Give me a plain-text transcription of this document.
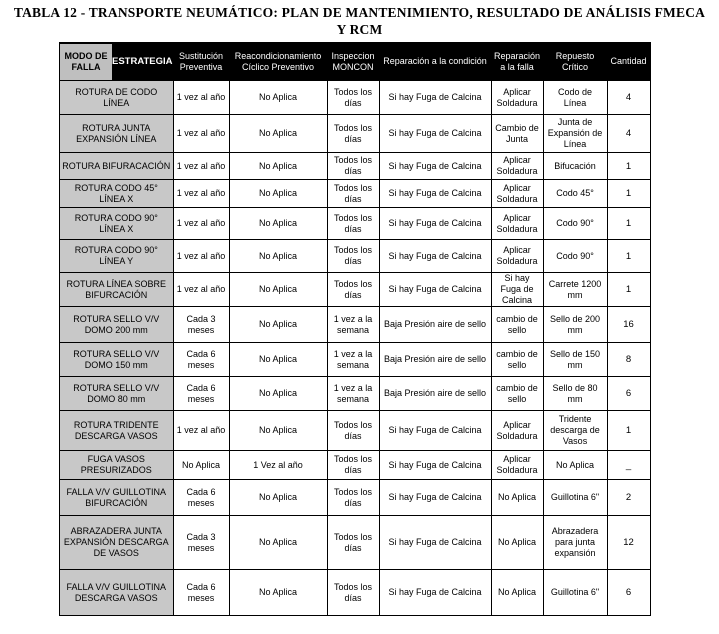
TABLA 12 - TRANSPORTE NEUMÁTICO: PLAN DE MANTENIMIENTO, RESULTADO DE ANÁLISIS FMECA Y RCM
MODO DE FALLA ESTRATEGIA	Sustitución Preventiva	Reacondicionamiento Cíclico Preventivo	Inspeccion MONCON	Reparación a la condición	Reparación a la falla	Repuesto Crítico	Cantidad
ROTURA DE CODO LÍNEA	1 vez al año	No Aplica	Todos los días	Si hay Fuga de Calcina	Aplicar Soldadura	Codo de Línea	4
ROTURA JUNTA EXPANSIÓN LÍNEA	1 vez al año	No Aplica	Todos los días	Si hay Fuga de Calcina	Cambio de Junta	Junta de Expansión de Línea	4
ROTURA BIFURACACIÓN	1 vez al año	No Aplica	Todos los días	Si hay Fuga de Calcina	Aplicar Soldadura	Bifucación	1
ROTURA CODO 45° LÍNEA X	1 vez al año	No Aplica	Todos los días	Si hay Fuga de Calcina	Aplicar Soldadura	Codo 45°	1
ROTURA CODO 90° LÍNEA X	1 vez al año	No Aplica	Todos los días	Si hay Fuga de Calcina	Aplicar Soldadura	Codo 90°	1
ROTURA CODO 90° LÍNEA Y	1 vez al año	No Aplica	Todos los días	Si hay Fuga de Calcina	Aplicar Soldadura	Codo 90°	1
ROTURA LÍNEA SOBRE BIFURCACIÓN	1 vez al año	No Aplica	Todos los días	Si hay Fuga de Calcina	Si hay Fuga de Calcina	Carrete 1200 mm	1
ROTURA SELLO V/V DOMO 200 mm	Cada 3 meses	No Aplica	1 vez a la semana	Baja Presión aire de sello	cambio de sello	Sello de 200 mm	16
ROTURA SELLO V/V DOMO 150 mm	Cada 6 meses	No Aplica	1 vez a la semana	Baja Presión aire de sello	cambio de sello	Sello de 150 mm	8
ROTURA SELLO V/V DOMO 80 mm	Cada 6 meses	No Aplica	1 vez a la semana	Baja Presión aire de sello	cambio de sello	Sello de 80 mm	6
ROTURA TRIDENTE DESCARGA VASOS	1 vez al año	No Aplica	Todos los días	Si hay Fuga de Calcina	Aplicar Soldadura	Tridente descarga de Vasos	1
FUGA VASOS PRESURIZADOS	No Aplica	1 Vez al año	Todos los días	Si hay Fuga de Calcina	Aplicar Soldadura	No Aplica	_
FALLA V/V GUILLOTINA BIFURCACIÓN	Cada 6 meses	No Aplica	Todos los días	Si hay Fuga de Calcina	No Aplica	Guillotina 6"	2
ABRAZADERA JUNTA EXPANSIÓN DESCARGA DE VASOS	Cada 3 meses	No Aplica	Todos los días	Si hay Fuga de Calcina	No Aplica	Abrazadera para junta expansión	12
FALLA V/V GUILLOTINA DESCARGA VASOS	Cada 6 meses	No Aplica	Todos los días	Si hay Fuga de Calcina	No Aplica	Guillotina 6"	6
